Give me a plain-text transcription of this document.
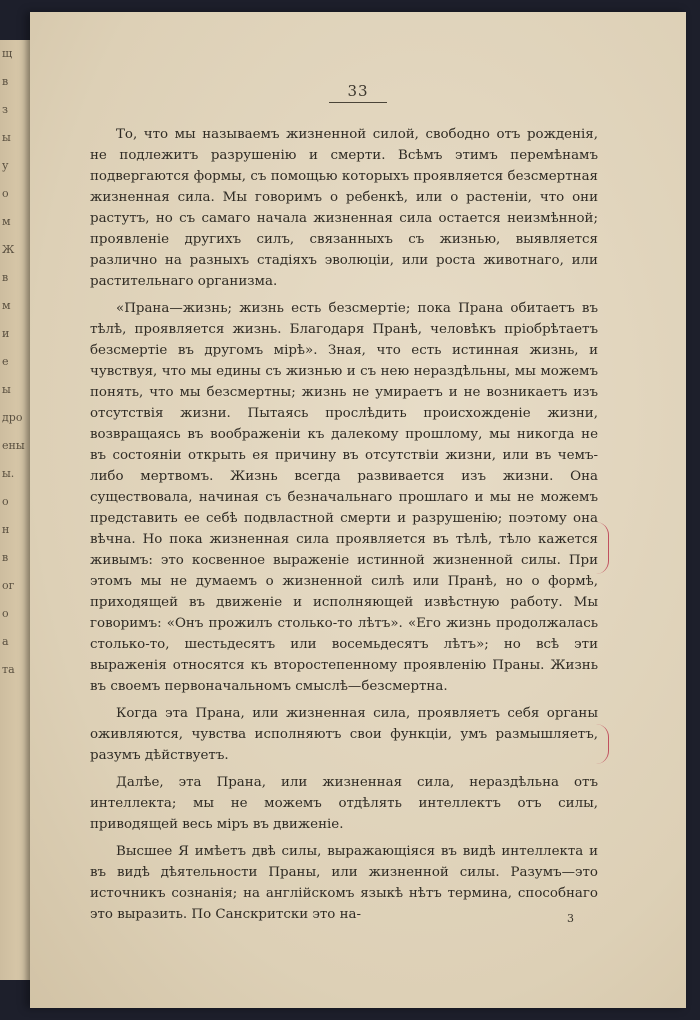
щ
в
з
ы
у
о
м
Ж
в
м
и
е
ы
дро
ены
ы.
о
н
в
ог
о
а
та
33

То, что мы называемъ жизненной силой, свободно отъ рожденія, не подлежитъ разрушенію и смерти. Всѣмъ этимъ перемѣнамъ подвергаются формы, съ помощью которыхъ проявляется безсмертная жизненная сила. Мы говоримъ о ребенкѣ, или о растеніи, что они растутъ, но съ самаго начала жизненная сила остается неизмѣнной; проявленіе другихъ силъ, связанныхъ съ жизнью, выявляется различно на разныхъ стадіяхъ эволюціи, или роста животнаго, или растительнаго организма.

«Прана—жизнь; жизнь есть безсмертіе; пока Прана обитаетъ въ тѣлѣ, проявляется жизнь. Благодаря Пранѣ, человѣкъ пріобрѣтаетъ безсмертіе въ другомъ мірѣ». Зная, что есть истинная жизнь, и чувствуя, что мы едины съ жизнью и съ нею нераздѣльны, мы можемъ понять, что мы безсмертны; жизнь не умираетъ и не возникаетъ изъ отсутствія жизни. Пытаясь прослѣдить происхожденіе жизни, возвращаясь въ воображеніи къ далекому прошлому, мы никогда не въ состояніи открыть ея причину въ отсутствіи жизни, или въ чемъ-либо мертвомъ. Жизнь всегда развивается изъ жизни. Она существовала, начиная съ безначальнаго прошлаго и мы не можемъ представить ее себѣ подвластной смерти и разрушенію; поэтому она вѣчна. Но пока жизненная сила проявляется въ тѣлѣ, тѣло кажется живымъ: это косвенное выраженіе истинной жизненной силы. При этомъ мы не думаемъ о жизненной силѣ или Пранѣ, но о формѣ, приходящей въ движеніе и исполняющей извѣстную работу. Мы говоримъ: «Онъ прожилъ столько-то лѣтъ». «Его жизнь продолжалась столько-то, шестьдесятъ или восемьдесятъ лѣтъ»; но всѣ эти выраженія относятся къ второстепенному проявленію Праны. Жизнь въ своемъ первоначальномъ смыслѣ—безсмертна.

Когда эта Прана, или жизненная сила, проявляетъ себя органы оживляются, чувства исполняютъ свои функціи, умъ размышляетъ, разумъ дѣйствуетъ.

Далѣе, эта Прана, или жизненная сила, нераздѣльна отъ интеллекта; мы не можемъ отдѣлять интеллектъ отъ силы, приводящей весь міръ въ движеніе.

Высшее Я имѣетъ двѣ силы, выражающіяся въ видѣ интеллекта и въ видѣ дѣятельности Праны, или жизненной силы. Разумъ—это источникъ сознанія; на англійскомъ языкѣ нѣтъ термина, способнаго это выразить. По Санскритски это на-	3
